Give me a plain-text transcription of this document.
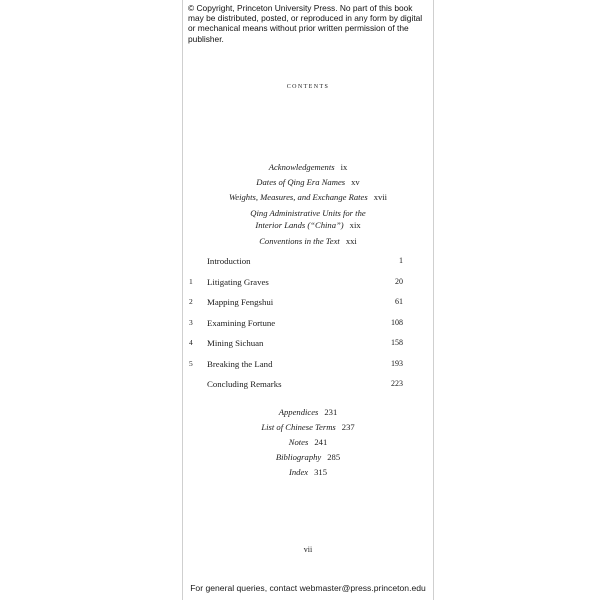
© Copyright, Princeton University Press. No part of this book may be distributed, posted, or reproduced in any form by digital or mechanical means without prior written permission of the publisher.
contents
Acknowledgements ix
Dates of Qing Era Names xv
Weights, Measures, and Exchange Rates xvii
Qing Administrative Units for the
Interior Lands (“China”) xix
Conventions in the Text xxi
Introduction	1
1 Litigating Graves	20
2 Mapping Fengshui	61
3 Examining Fortune	108
4 Mining Sichuan	158
5 Breaking the Land	193
Concluding Remarks	223
Appendices 231
List of Chinese Terms 237
Notes 241
Bibliography 285
Index 315
vii
For general queries, contact webmaster@press.princeton.edu
